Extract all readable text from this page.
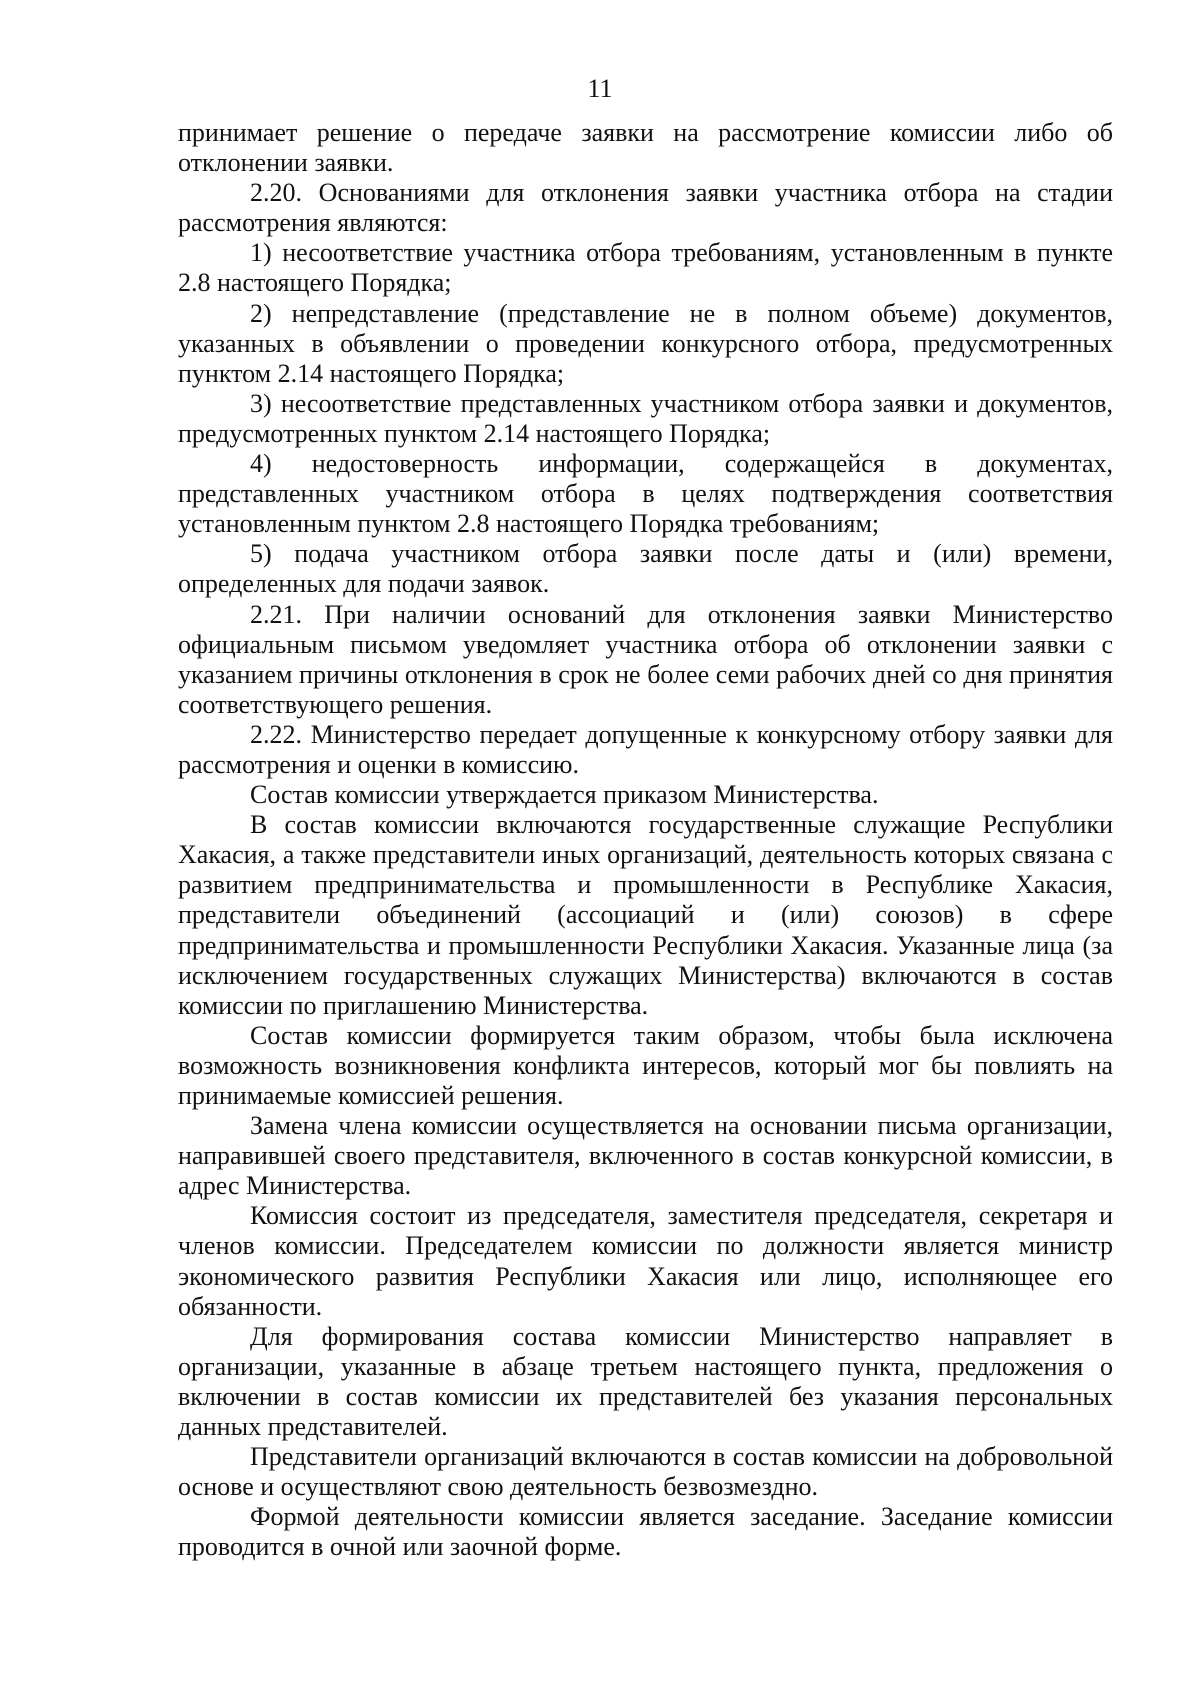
11

принимает решение о передаче заявки на рассмотрение комиссии либо об отклонении заявки.

2.20. Основаниями для отклонения заявки участника отбора на стадии рассмотрения являются:

1) несоответствие участника отбора требованиям, установленным в пункте 2.8 настоящего Порядка;

2) непредставление (представление не в полном объеме) документов, указанных в объявлении о проведении конкурсного отбора, предусмотренных пунктом 2.14 настоящего Порядка;

3) несоответствие представленных участником отбора заявки и документов, предусмотренных пунктом 2.14 настоящего Порядка;

4) недостоверность информации, содержащейся в документах, представленных участником отбора в целях подтверждения соответствия установленным пунктом 2.8 настоящего Порядка требованиям;

5) подача участником отбора заявки после даты и (или) времени, определенных для подачи заявок.

2.21. При наличии оснований для отклонения заявки Министерство официальным письмом уведомляет участника отбора об отклонении заявки с указанием причины отклонения в срок не более семи рабочих дней со дня принятия соответствующего решения.

2.22. Министерство передает допущенные к конкурсному отбору заявки для рассмотрения и оценки в комиссию.

Состав комиссии утверждается приказом Министерства.

В состав комиссии включаются государственные служащие Республики Хакасия, а также представители иных организаций, деятельность которых связана с развитием предпринимательства и промышленности в Республике Хакасия, представители объединений (ассоциаций и (или) союзов) в сфере предпринимательства и промышленности Республики Хакасия. Указанные лица (за исключением государственных служащих Министерства) включаются в состав комиссии по приглашению Министерства.

Состав комиссии формируется таким образом, чтобы была исключена возможность возникновения конфликта интересов, который мог бы повлиять на принимаемые комиссией решения.

Замена члена комиссии осуществляется на основании письма организации, направившей своего представителя, включенного в состав конкурсной комиссии, в адрес Министерства.

Комиссия состоит из председателя, заместителя председателя, секретаря и членов комиссии. Председателем комиссии по должности является министр экономического развития Республики Хакасия или лицо, исполняющее его обязанности.

Для формирования состава комиссии Министерство направляет в организации, указанные в абзаце третьем настоящего пункта, предложения о включении в состав комиссии их представителей без указания персональных данных представителей.

Представители организаций включаются в состав комиссии на добровольной основе и осуществляют свою деятельность безвозмездно.

Формой деятельности комиссии является заседание. Заседание комиссии проводится в очной или заочной форме.
